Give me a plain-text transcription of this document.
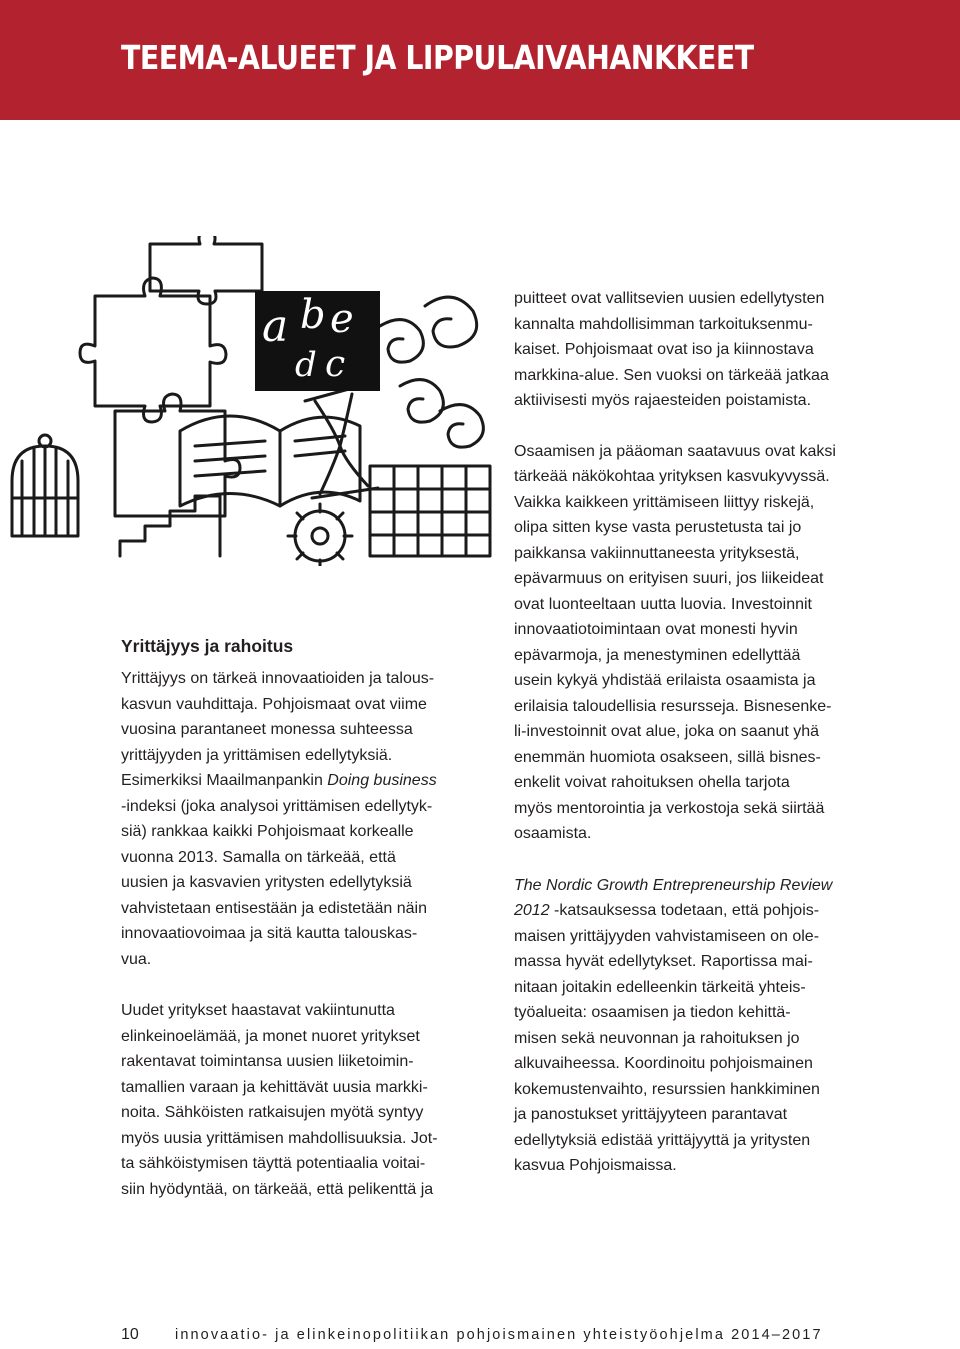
TEEMA-ALUEET JA LIPPULAIVAHANKKEET
a b e
d c
Yrittäjyys ja rahoitus

Yrittäjyys on tärkeä innovaatioiden ja talous-
kasvun vauhdittaja. Pohjoismaat ovat viime
vuosina parantaneet monessa suhteessa
yrittäjyyden ja yrittämisen edellytyksiä.
Esimerkiksi Maailmanpankin Doing business
-indeksi (joka analysoi yrittämisen edellytyk-
siä) rankkaa kaikki Pohjoismaat korkealle
vuonna 2013. Samalla on tärkeää, että
uusien ja kasvavien yritysten edellytyksiä
vahvistetaan entisestään ja edistetään näin
innovaatiovoimaa ja sitä kautta talouskas-
vua.

Uudet yritykset haastavat vakiintunutta
elinkeinoelämää, ja monet nuoret yritykset
rakentavat toimintansa uusien liiketoimin-
tamallien varaan ja kehittävät uusia markki-
noita. Sähköisten ratkaisujen myötä syntyy
myös uusia yrittämisen mahdollisuuksia. Jot-
ta sähköistymisen täyttä potentiaalia voitai-
siin hyödyntää, on tärkeää, että pelikenttä ja

puitteet ovat vallitsevien uusien edellytysten
kannalta mahdollisimman tarkoituksenmu-
kaiset. Pohjoismaat ovat iso ja kiinnostava
markkina-alue. Sen vuoksi on tärkeää jatkaa
aktiivisesti myös rajaesteiden poistamista.

Osaamisen ja pääoman saatavuus ovat kaksi
tärkeää näkökohtaa yrityksen kasvukyvyssä.
Vaikka kaikkeen yrittämiseen liittyy riskejä,
olipa sitten kyse vasta perustetusta tai jo
paikkansa vakiinnuttaneesta yrityksestä,
epävarmuus on erityisen suuri, jos liikeideat
ovat luonteeltaan uutta luovia. Investoinnit
innovaatiotoimintaan ovat monesti hyvin
epävarmoja, ja menestyminen edellyttää
usein kykyä yhdistää erilaista osaamista ja
erilaisia taloudellisia resursseja. Bisnesenke-
li-investoinnit ovat alue, joka on saanut yhä
enemmän huomiota osakseen, sillä bisnes-
enkelit voivat rahoituksen ohella tarjota
myös mentorointia ja verkostoja sekä siirtää
osaamista.

The Nordic Growth Entrepreneurship Review
2012 -katsauksessa todetaan, että pohjois-
maisen yrittäjyyden vahvistamiseen on ole-
massa hyvät edellytykset. Raportissa mai-
nitaan joitakin edelleenkin tärkeitä yhteis-
työalueita: osaamisen ja tiedon kehittä-
misen sekä neuvonnan ja rahoituksen jo
alkuvaiheessa. Koordinoitu pohjoismainen
kokemustenvaihto, resurssien hankkiminen
ja panostukset yrittäjyyteen parantavat
edellytyksiä edistää yrittäjyyttä ja yritysten
kasvua Pohjoismaissa.

10 innovaatio- ja elinkeinopolitiikan pohjoismainen yhteistyöohjelma 2014–2017
